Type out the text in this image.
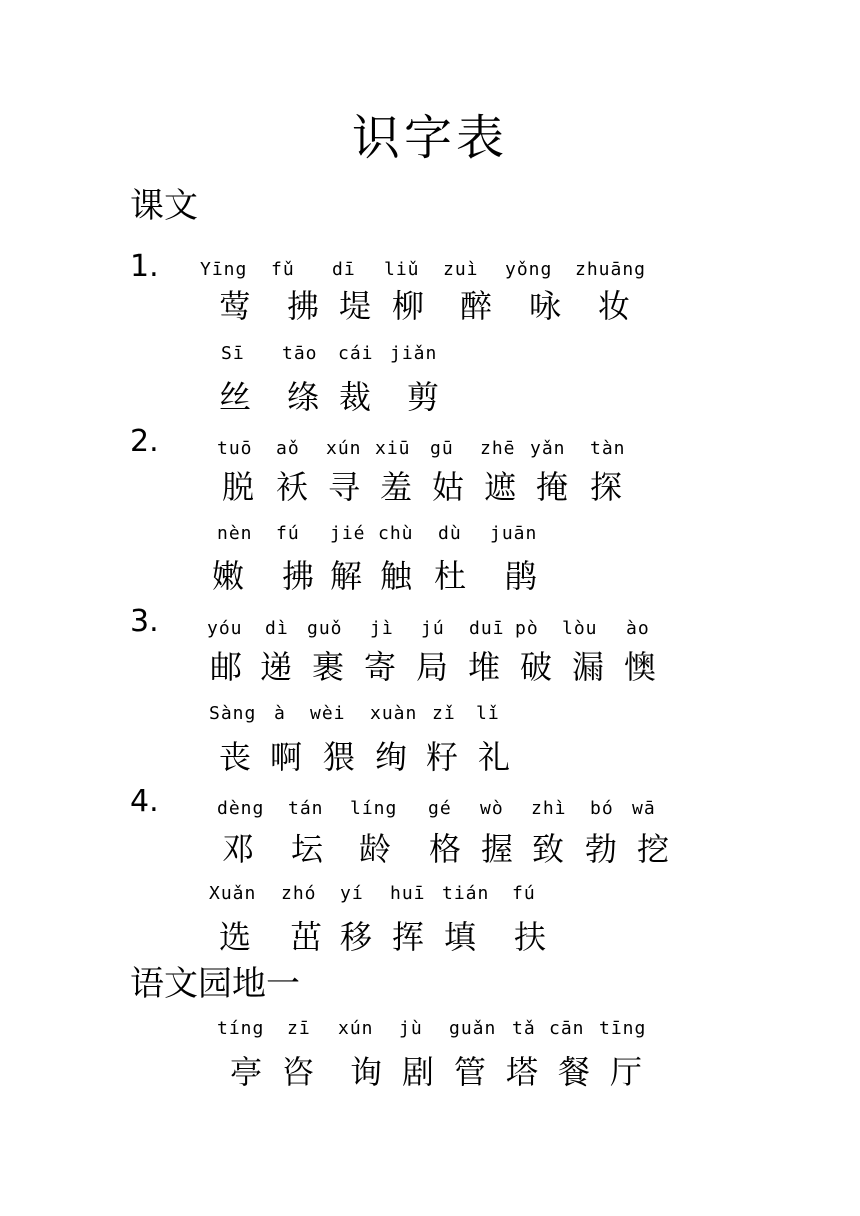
识字表
课文
1. Yīng fǔ dī liǔ zuì yǒng zhuāng
莺 拂 堤 柳 醉 咏 妆
Sī tāo cái jiǎn
丝 绦 裁 剪
2.	tuō aǒ xún xiū gū zhē yǎn tàn
脱 袄 寻 羞 姑 遮 掩 探
nèn fú jié chù dù juān
嫩 拂 解 触 杜 鹃
3.	yóu dì guǒ jì jú duī pò lòu ào
邮 递 裹 寄 局 堆 破 漏 懊
Sàng à wèi xuàn zǐ lǐ
丧 啊 猥 绚 籽 礼
4.	dèng tán líng gé wò zhì bó wā
邓 坛 龄 格 握 致 勃 挖
Xuǎn zhó yí huī tián fú
选 茁 移 挥 填 扶
语文园地一
tíng zī xún jù guǎn tǎ cān tīng
亭 咨 询 剧 管 塔 餐 厅
